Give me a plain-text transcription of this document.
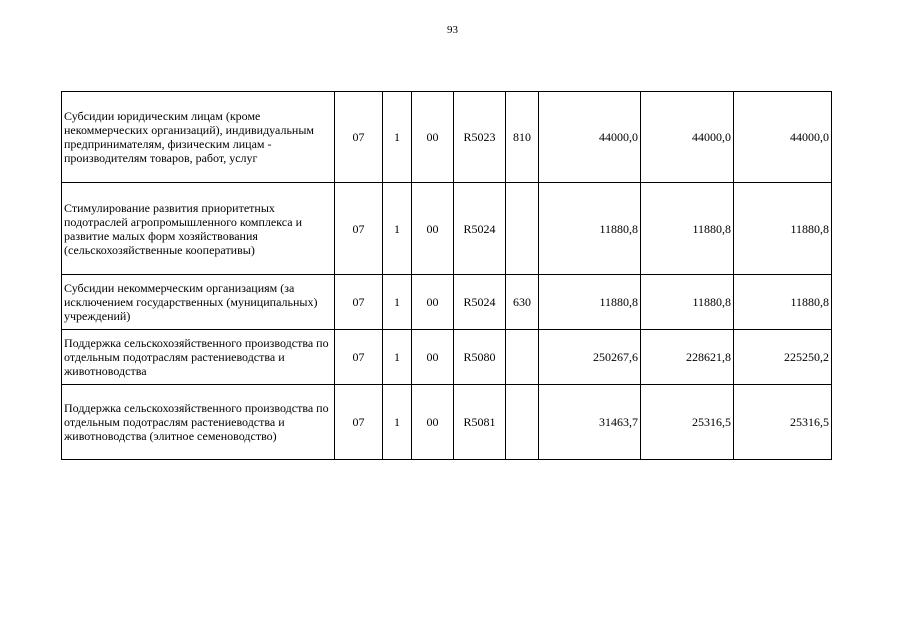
93
Субсидии юридическим лицам (кроме некоммерческих организаций), индивидуальным предпринимателям, физическим лицам - производителям товаров, работ, услуг	07	1	00	R5023	810	44000,0	44000,0	44000,0
Стимулирование развития приоритетных подотраслей агропромышленного комплекса и развитие малых форм хозяйствования (сельскохозяйственные кооперативы)	07	1	00	R5024		11880,8	11880,8	11880,8
Субсидии некоммерческим организациям (за исключением государственных (муниципальных) учреждений)	07	1	00	R5024	630	11880,8	11880,8	11880,8
Поддержка сельскохозяйственного производства по отдельным подотраслям растениеводства и животноводства	07	1	00	R5080		250267,6	228621,8	225250,2
Поддержка сельскохозяйственного производства по отдельным подотраслям растениеводства и животноводства (элитное семеноводство)	07	1	00	R5081		31463,7	25316,5	25316,5
